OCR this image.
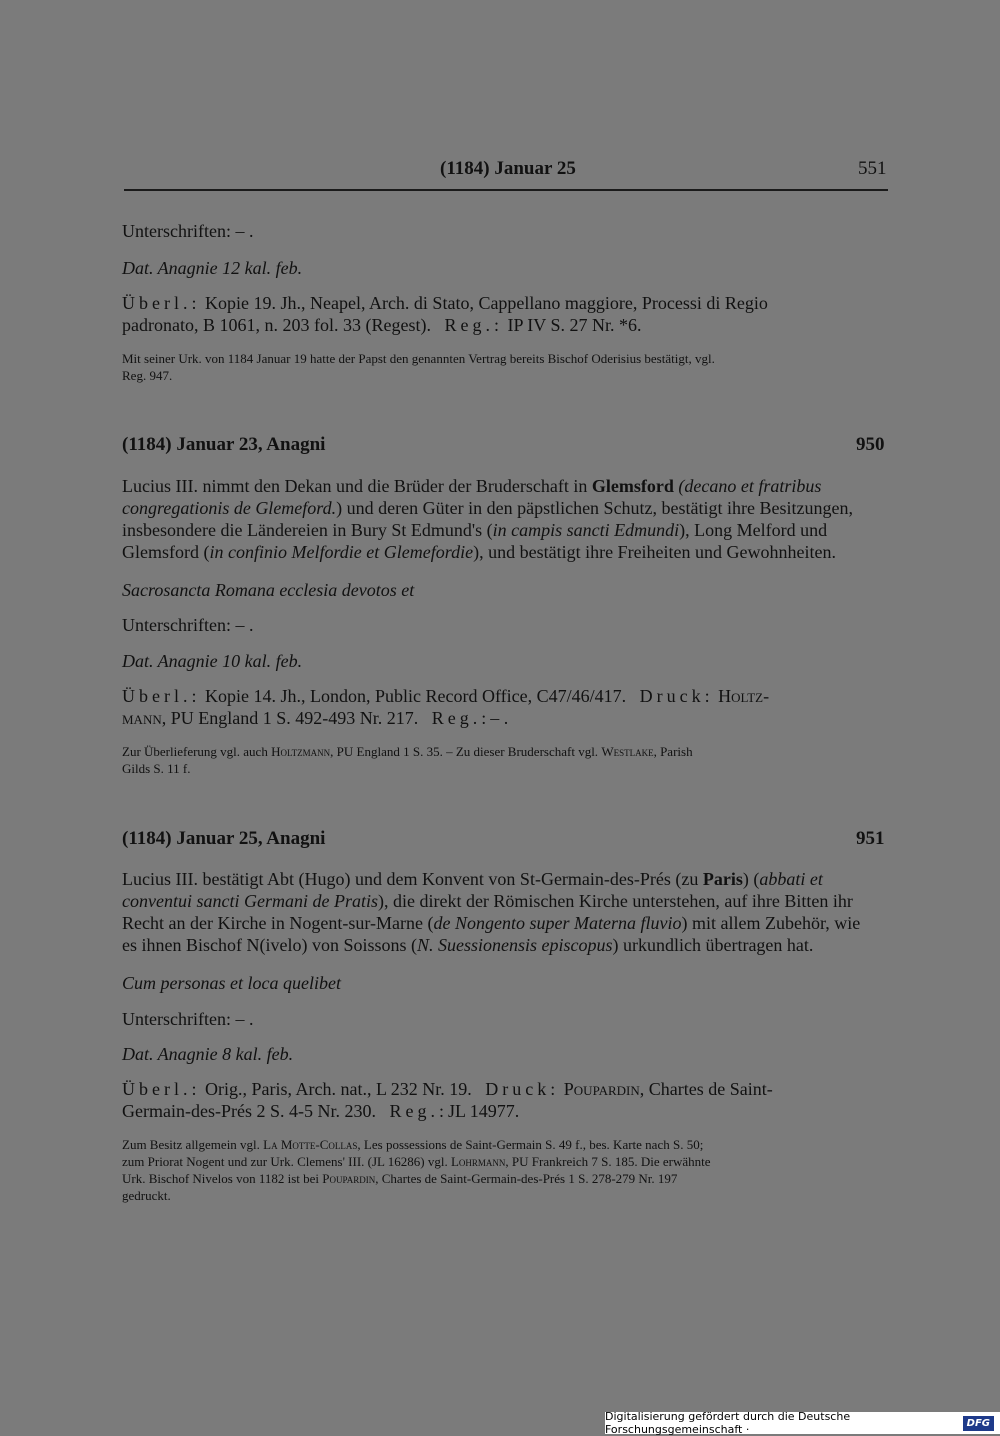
(1184) Januar 25	551

Unterschriften: – .

Dat. Anagnie 12 kal. feb.

Überl.: Kopie 19. Jh., Neapel, Arch. di Stato, Cappellano maggiore, Processi di Regio
padronato, B 1061, n. 203 fol. 33 (Regest). Reg.: IP IV S. 27 Nr. *6.

Mit seiner Urk. von 1184 Januar 19 hatte der Papst den genannten Vertrag bereits Bischof Oderisius bestätigt, vgl.
Reg. 947.

(1184) Januar 23, Anagni	950

Lucius III. nimmt den Dekan und die Brüder der Bruderschaft in Glemsford (decano et fratribus
congregationis de Glemeford.) und deren Güter in den päpstlichen Schutz, bestätigt ihre Besitzungen,
insbesondere die Ländereien in Bury St Edmund's (in campis sancti Edmundi), Long Melford und
Glemsford (in confinio Melfordie et Glemefordie), und bestätigt ihre Freiheiten und Gewohnheiten.

Sacrosancta Romana ecclesia devotos et

Unterschriften: – .

Dat. Anagnie 10 kal. feb.

Überl.: Kopie 14. Jh., London, Public Record Office, C47/46/417. Druck: Holtz-
mann, PU England 1 S. 492-493 Nr. 217. Reg.:– .

Zur Überlieferung vgl. auch Holtzmann, PU England 1 S. 35. – Zu dieser Bruderschaft vgl. Westlake, Parish
Gilds S. 11 f.

(1184) Januar 25, Anagni	951

Lucius III. bestätigt Abt (Hugo) und dem Konvent von St-Germain-des-Prés (zu Paris) (abbati et
conventui sancti Germani de Pratis), die direkt der Römischen Kirche unterstehen, auf ihre Bitten ihr
Recht an der Kirche in Nogent-sur-Marne (de Nongento super Materna fluvio) mit allem Zubehör, wie
es ihnen Bischof N(ivelo) von Soissons (N. Suessionensis episcopus) urkundlich übertragen hat.

Cum personas et loca quelibet

Unterschriften: – .

Dat. Anagnie 8 kal. feb.

Überl.: Orig., Paris, Arch. nat., L 232 Nr. 19. Druck: Poupardin, Chartes de Saint-
Germain-des-Prés 2 S. 4-5 Nr. 230. Reg.:JL 14977.

Zum Besitz allgemein vgl. La Motte-Collas, Les possessions de Saint-Germain S. 49 f., bes. Karte nach S. 50;
zum Priorat Nogent und zur Urk. Clemens' III. (JL 16286) vgl. Lohrmann, PU Frankreich 7 S. 185. Die erwähnte
Urk. Bischof Nivelos von 1182 ist bei Poupardin, Chartes de Saint-Germain-des-Prés 1 S. 278-279 Nr. 197
gedruckt.

Digitalisierung gefördert durch die Deutsche Forschungsgemeinschaft ·	DFG
